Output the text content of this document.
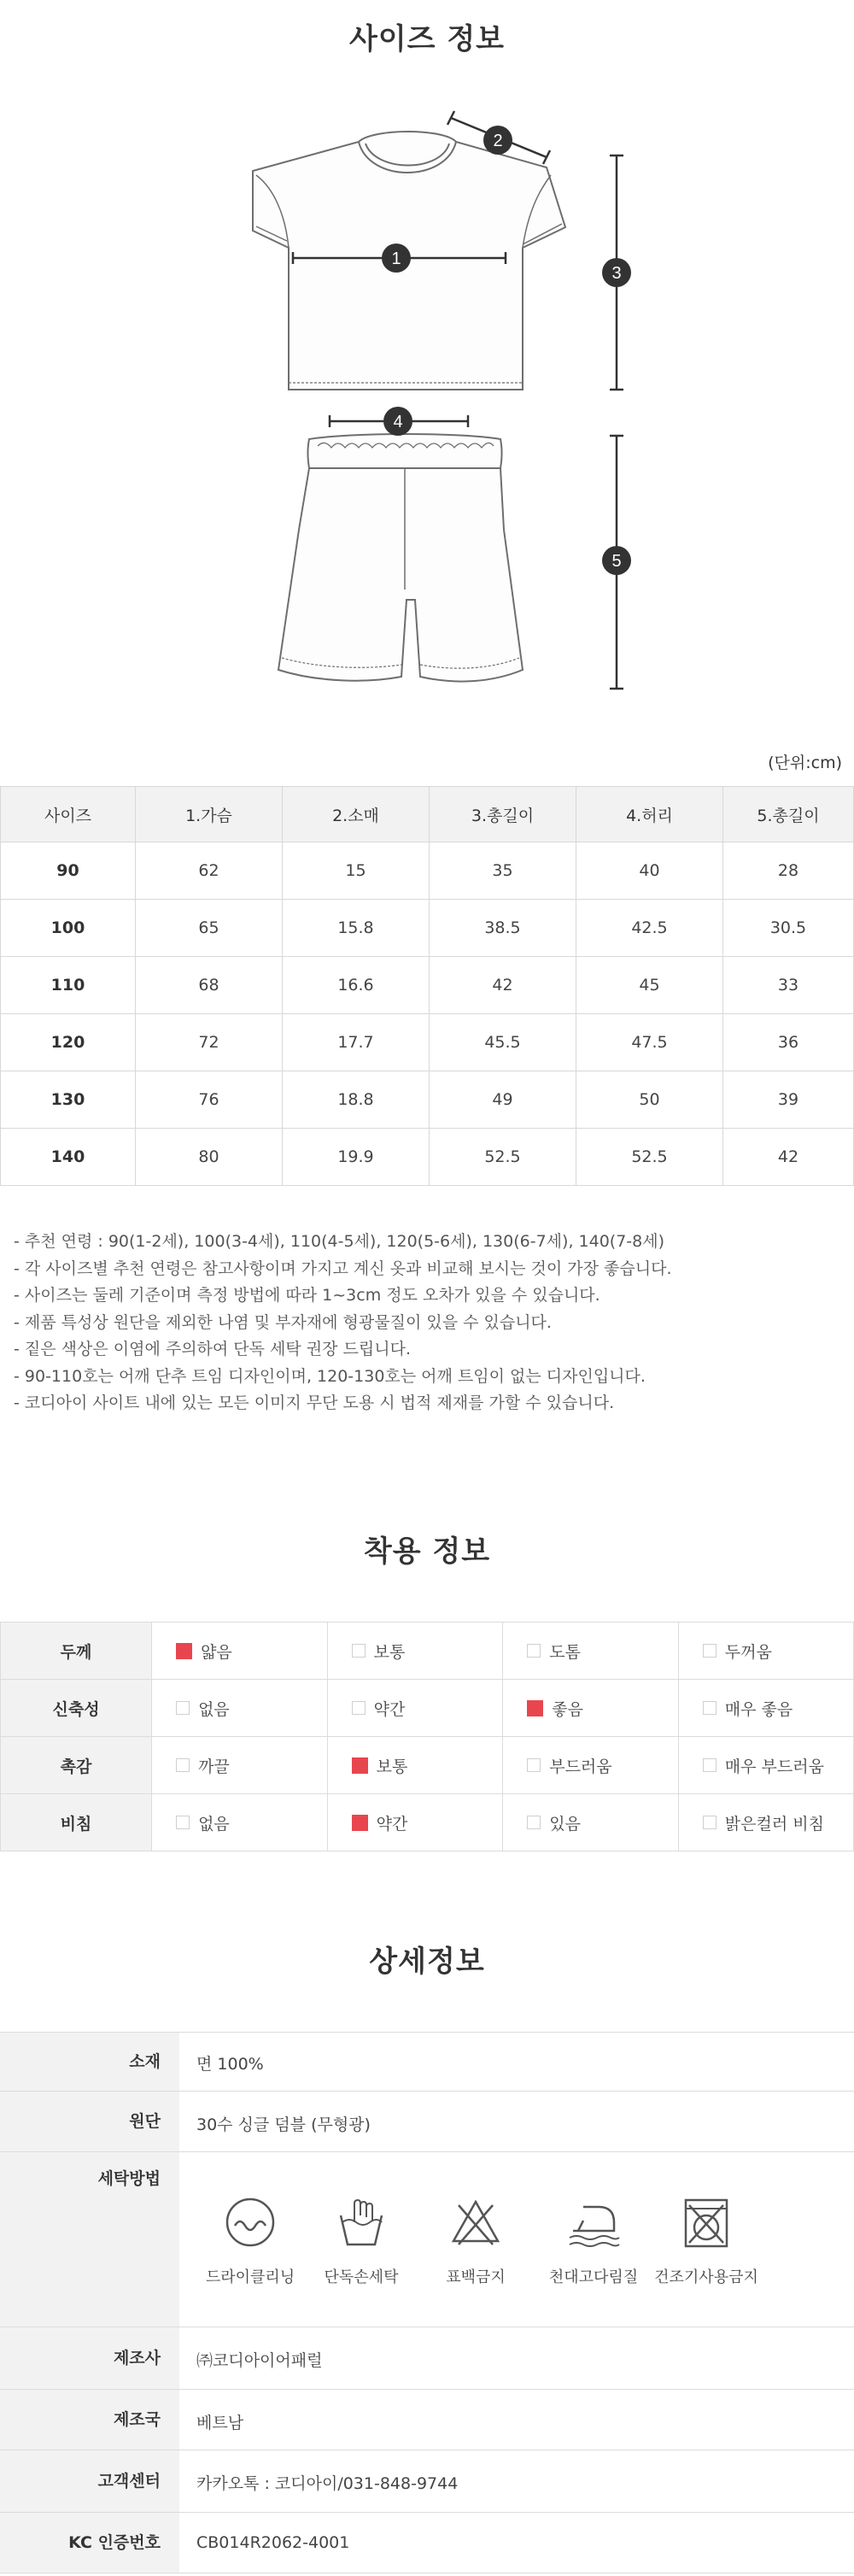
사이즈 정보
1
2
3
4
5
(단위:cm)
사이즈	1.가슴	2.소매	3.총길이	4.허리	5.총길이
90	62	15	35	40	28
100	65	15.8	38.5	42.5	30.5
110	68	16.6	42	45	33
120	72	17.7	45.5	47.5	36
130	76	18.8	49	50	39
140	80	19.9	52.5	52.5	42
- 추천 연령 : 90(1-2세), 100(3-4세), 110(4-5세), 120(5-6세), 130(6-7세), 140(7-8세)
- 각 사이즈별 추천 연령은 참고사항이며 가지고 계신 옷과 비교해 보시는 것이 가장 좋습니다.
- 사이즈는 둘레 기준이며 측정 방법에 따라 1~3cm 정도 오차가 있을 수 있습니다.
- 제품 특성상 원단을 제외한 나염 및 부자재에 형광물질이 있을 수 있습니다.
- 짙은 색상은 이염에 주의하여 단독 세탁 권장 드립니다.
- 90-110호는 어깨 단추 트임 디자인이며, 120-130호는 어깨 트임이 없는 디자인입니다.
- 코디아이 사이트 내에 있는 모든 이미지 무단 도용 시 법적 제재를 가할 수 있습니다.
착용 정보
두께	얇음	보통	도톰	두꺼움
신축성	없음	약간	좋음	매우 좋음
촉감	까끌	보통	부드러움	매우 부드러움
비침	없음	약간	있음	밝은컬러 비침
상세정보
소재	면 100%
원단	30수 싱글 덤블 (무형광)
세탁방법
드라이클리닝	단독손세탁	표백금지	천대고다림질	건조기사용금지
제조사	㈜코디아이어패럴
제조국	베트남
고객센터	카카오톡 : 코디아이/031-848-9744
KC 인증번호	CB014R2062-4001
